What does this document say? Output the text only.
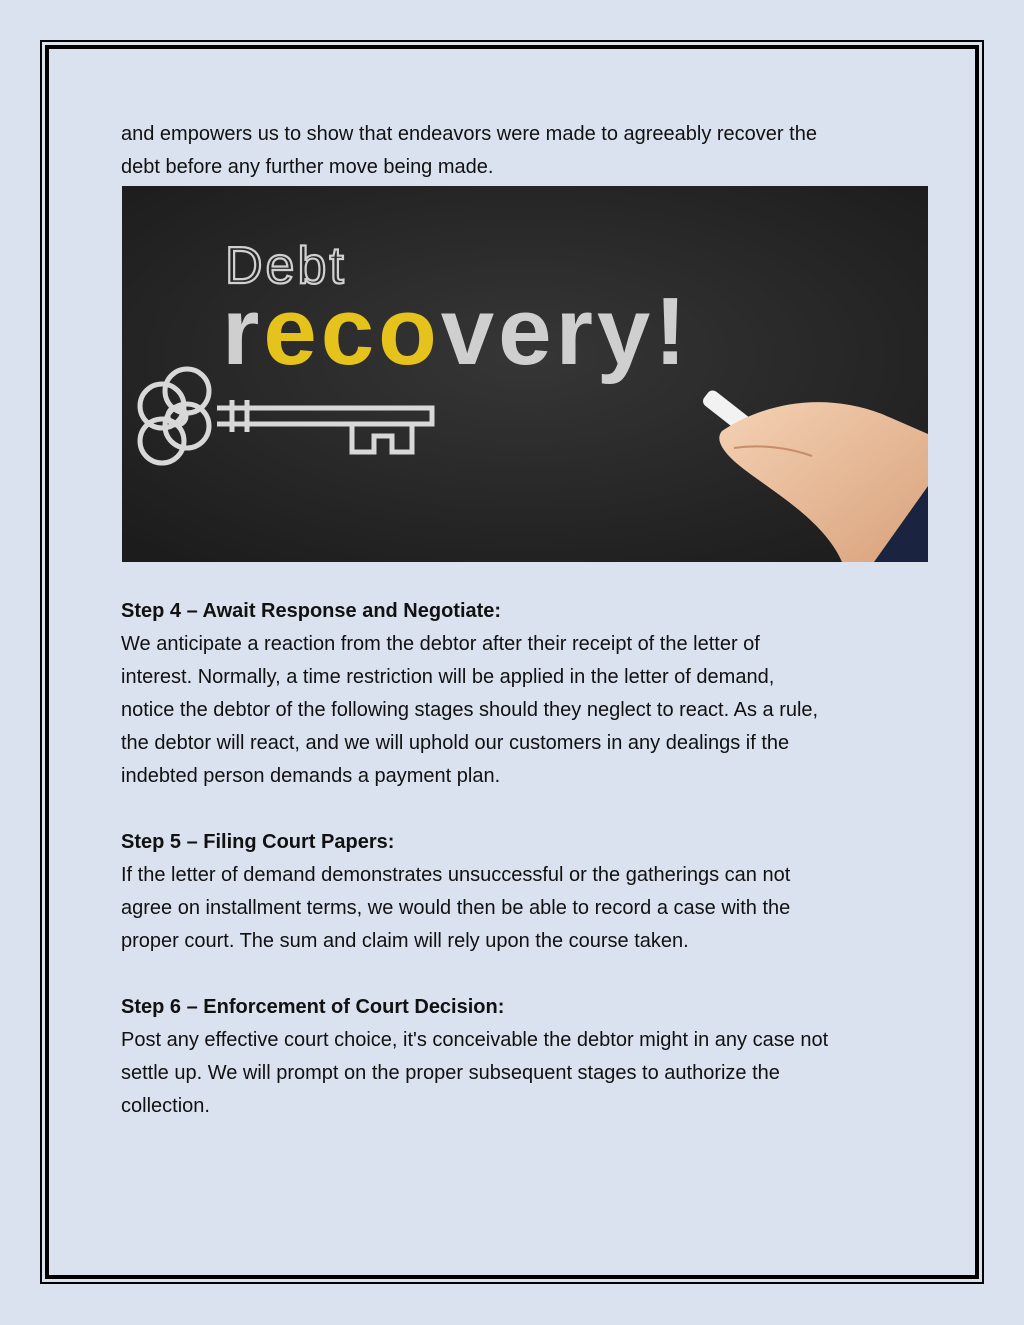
and empowers us to show that endeavors were made to agreeably recover the

debt before any further move being made.

Debt
recovery!

Step 4 – Await Response and Negotiate:

We anticipate a reaction from the debtor after their receipt of the letter of

interest. Normally, a time restriction will be applied in the letter of demand,

notice the debtor of the following stages should they neglect to react. As a rule,

the debtor will react, and we will uphold our customers in any dealings if the

indebted person demands a payment plan.

Step 5 – Filing Court Papers:

If the letter of demand demonstrates unsuccessful or the gatherings can not

agree on installment terms, we would then be able to record a case with the

proper court. The sum and claim will rely upon the course taken.

Step 6 – Enforcement of Court Decision:

Post any effective court choice, it's conceivable the debtor might in any case not

settle up. We will prompt on the proper subsequent stages to authorize the

collection.
